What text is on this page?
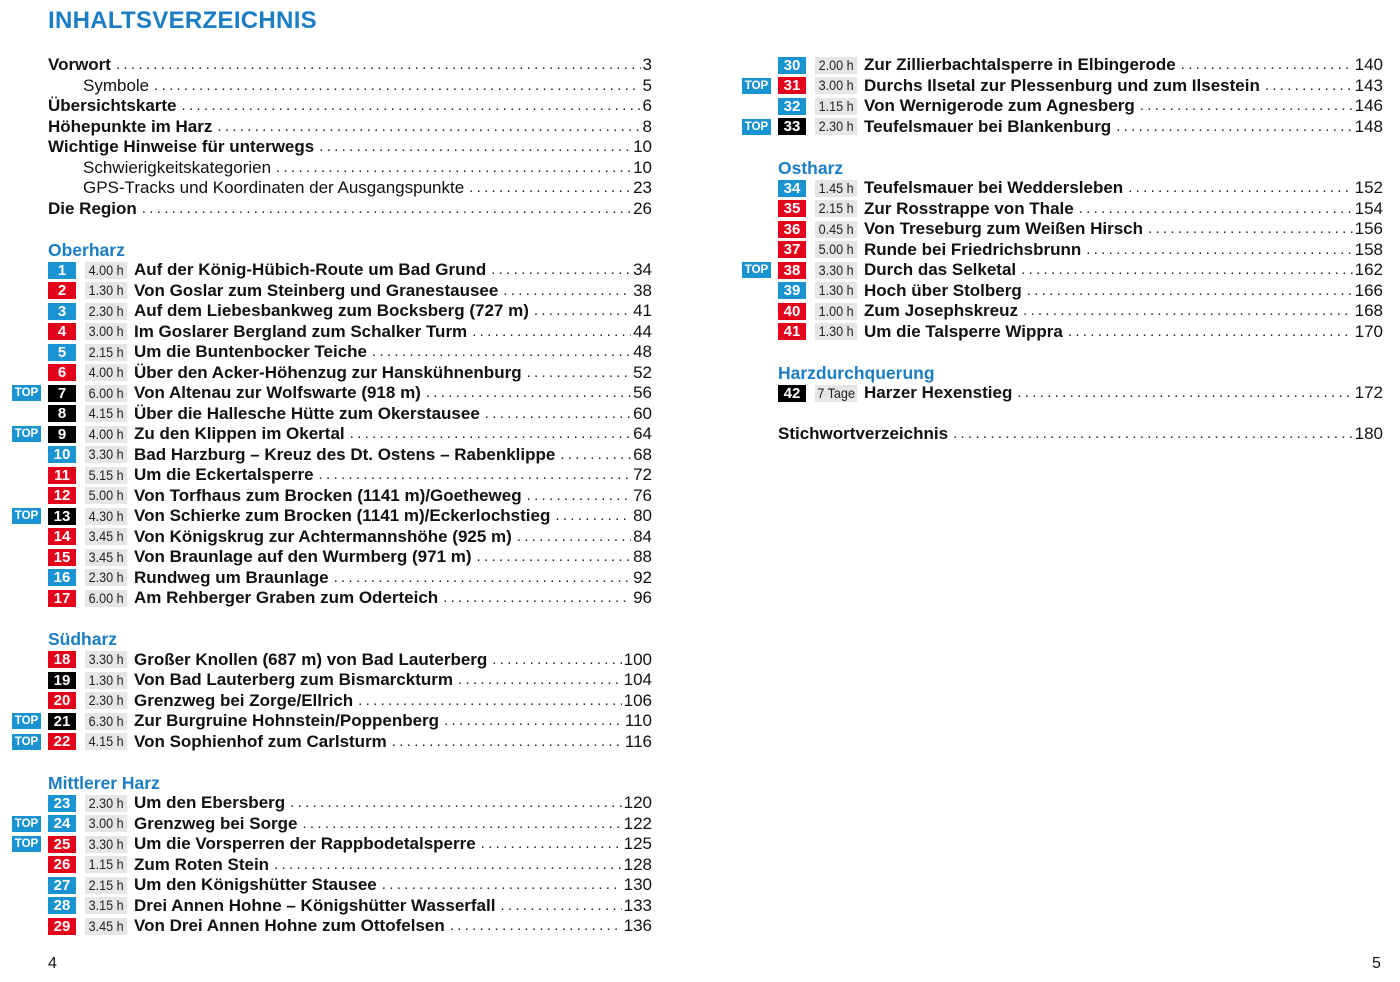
INHALTSVERZEICHNIS
Vorwort .....	3
Symbole .....	5
Übersichtskarte .....	6
Höhepunkte im Harz .....	8
Wichtige Hinweise für unterwegs .....	10
Schwierigkeitskategorien .....	10
GPS-Tracks und Koordinaten der Ausgangspunkte .....	23
Die Region .....	26
Oberharz
1	4.00 h Auf der König-Hübich-Route um Bad Grund .....	34
2	1.30 h Von Goslar zum Steinberg und Granestausee .....	38
3	2.30 h Auf dem Liebesbankweg zum Bocksberg (727 m) .....	41
4	3.00 h Im Goslarer Bergland zum Schalker Turm .....	44
5	2.15 h Um die Buntenbocker Teiche .....	48
6	4.00 h Über den Acker-Höhenzug zur Hanskühnenburg .....	52
TOP	7	6.00 h Von Altenau zur Wolfswarte (918 m) .....	56
8	4.15 h Über die Hallesche Hütte zum Okerstausee .....	60
TOP	9	4.00 h Zu den Klippen im Okertal .....	64
10	3.30 h Bad Harzburg – Kreuz des Dt. Ostens – Rabenklippe .....	68
11	5.15 h Um die Eckertalsperre .....	72
12	5.00 h Von Torfhaus zum Brocken (1141 m)/Goetheweg .....	76
TOP	13	4.30 h Von Schierke zum Brocken (1141 m)/Eckerlochstieg .....	80
14	3.45 h Von Königskrug zur Achtermannshöhe (925 m) .....	84
15	3.45 h Von Braunlage auf den Wurmberg (971 m) .....	88
16	2.30 h Rundweg um Braunlage .....	92
17	6.00 h Am Rehberger Graben zum Oderteich .....	96
Südharz
18	3.30 h Großer Knollen (687 m) von Bad Lauterberg .....	100
19	1.30 h Von Bad Lauterberg zum Bismarckturm .....	104
20	2.30 h Grenzweg bei Zorge/Ellrich .....	106
TOP	21	6.30 h Zur Burgruine Hohnstein/Poppenberg .....	110
TOP	22	4.15 h Von Sophienhof zum Carlsturm .....	116
Mittlerer Harz
23	2.30 h Um den Ebersberg .....	120
TOP	24	3.00 h Grenzweg bei Sorge .....	122
TOP	25	3.30 h Um die Vorsperren der Rappbodetalsperre .....	125
26	1.15 h Zum Roten Stein .....	128
27	2.15 h Um den Königshütter Stausee .....	130
28	3.15 h Drei Annen Hohne – Königshütter Wasserfall .....	133
29	3.45 h Von Drei Annen Hohne zum Ottofelsen .....	136
30	2.00 h Zur Zillierbachtalsperre in Elbingerode .....	140
TOP	31	3.00 h Durchs Ilsetal zur Plessenburg und zum Ilsestein .....	143
32	1.15 h Von Wernigerode zum Agnesberg .....	146
TOP	33	2.30 h Teufelsmauer bei Blankenburg .....	148
Ostharz
34	1.45 h Teufelsmauer bei Weddersleben .....	152
35	2.15 h Zur Rosstrappe von Thale .....	154
36	0.45 h Von Treseburg zum Weißen Hirsch .....	156
37	5.00 h Runde bei Friedrichsbrunn .....	158
TOP	38	3.30 h Durch das Selketal .....	162
39	1.30 h Hoch über Stolberg .....	166
40	1.00 h Zum Josephskreuz .....	168
41	1.30 h Um die Talsperre Wippra .....	170
Harzdurchquerung
42	7 Tage Harzer Hexenstieg .....	172
Stichwortverzeichnis .....	180
4	5
